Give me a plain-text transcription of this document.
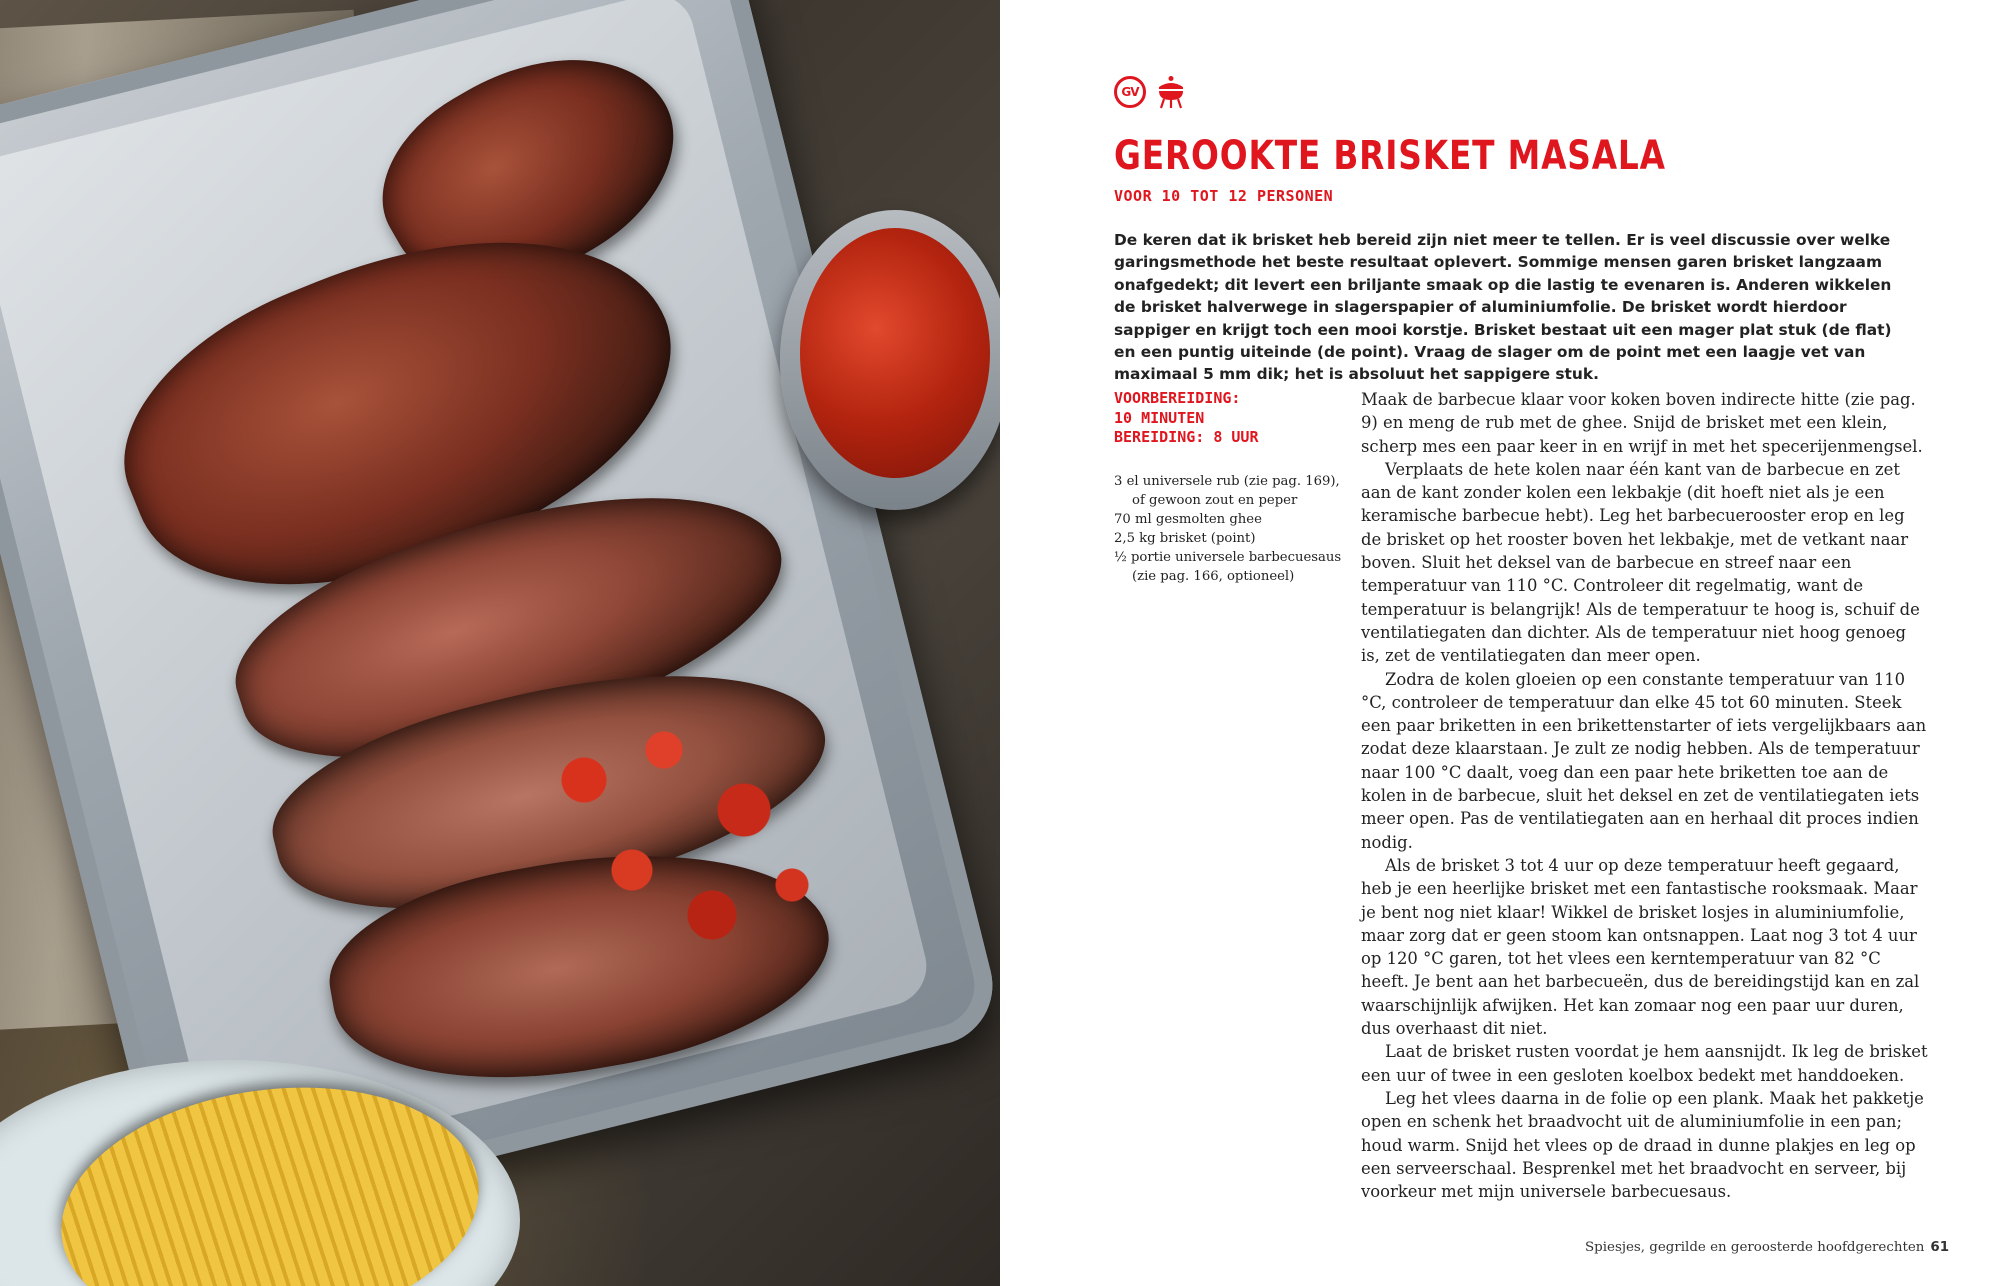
GV
GEROOKTE BRISKET MASALA
VOOR 10 TOT 12 PERSONEN

De keren dat ik brisket heb bereid zijn niet meer te tellen. Er is veel discussie over welke garingsmethode het beste resultaat oplevert. Sommige mensen garen brisket langzaam onafgedekt; dit levert een briljante smaak op die lastig te evenaren is. Anderen wikkelen de brisket halverwege in slagerspapier of aluminiumfolie. De brisket wordt hierdoor sappiger en krijgt toch een mooi korstje. Brisket bestaat uit een mager plat stuk (de flat) en een puntig uiteinde (de point). Vraag de slager om de point met een laagje vet van maximaal 5 mm dik; het is absoluut het sappigere stuk.

VOORBEREIDING:
10 MINUTEN
BEREIDING: 8 UUR
3 el universele rub (zie pag. 169), of gewoon zout en peper
70 ml gesmolten ghee
2,5 kg brisket (point)
½ portie universele barbecuesaus (zie pag. 166, optioneel)

Maak de barbecue klaar voor koken boven indirecte hitte (zie pag. 9) en meng de rub met de ghee. Snijd de brisket met een klein, scherp mes een paar keer in en wrijf in met het specerijenmengsel.

Verplaats de hete kolen naar één kant van de barbecue en zet aan de kant zonder kolen een lekbakje (dit hoeft niet als je een keramische barbecue hebt). Leg het barbecuerooster erop en leg de brisket op het rooster boven het lekbakje, met de vetkant naar boven. Sluit het deksel van de barbecue en streef naar een temperatuur van 110 °C. Controleer dit regelmatig, want de temperatuur is belangrijk! Als de temperatuur te hoog is, schuif de ventilatiegaten dan dichter. Als de temperatuur niet hoog genoeg is, zet de ventilatiegaten dan meer open.

Zodra de kolen gloeien op een constante temperatuur van 110 °C, controleer de temperatuur dan elke 45 tot 60 minuten. Steek een paar briketten in een brikettenstarter of iets vergelijkbaars aan zodat deze klaarstaan. Je zult ze nodig hebben. Als de temperatuur naar 100 °C daalt, voeg dan een paar hete briketten toe aan de kolen in de barbecue, sluit het deksel en zet de ventilatiegaten iets meer open. Pas de ventilatiegaten aan en herhaal dit proces indien nodig.

Als de brisket 3 tot 4 uur op deze temperatuur heeft gegaard, heb je een heerlijke brisket met een fantastische rooksmaak. Maar je bent nog niet klaar! Wikkel de brisket losjes in aluminiumfolie, maar zorg dat er geen stoom kan ontsnappen. Laat nog 3 tot 4 uur op 120 °C garen, tot het vlees een kerntemperatuur van 82 °C heeft. Je bent aan het barbecueën, dus de bereidingstijd kan en zal waarschijnlijk afwijken. Het kan zomaar nog een paar uur duren, dus overhaast dit niet.

Laat de brisket rusten voordat je hem aansnijdt. Ik leg de brisket een uur of twee in een gesloten koelbox bedekt met handdoeken.

Leg het vlees daarna in de folie op een plank. Maak het pakketje open en schenk het braadvocht uit de aluminiumfolie in een pan; houd warm. Snijd het vlees op de draad in dunne plakjes en leg op een serveerschaal. Besprenkel met het braadvocht en serveer, bij voorkeur met mijn universele barbecuesaus.

Spiesjes, gegrilde en geroosterde hoofdgerechten 61
